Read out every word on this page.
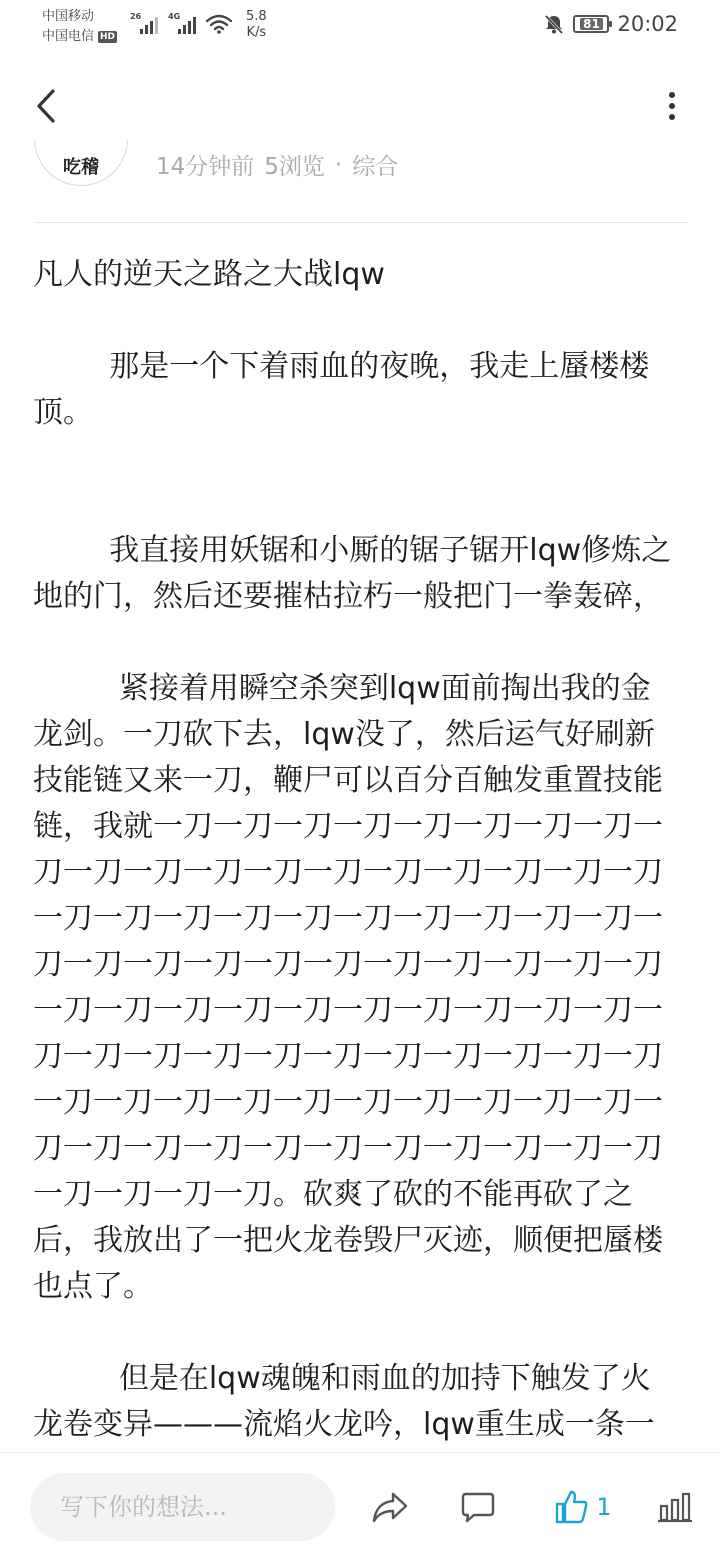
中国移动
中国电信 HD
26	4G	5.8
K/s
81 20:02
吃稽 14分钟前 5浏览 · 综合
凡人的逆天之路之大战lqw
那是一个下着雨血的夜晚，我走上蜃楼楼顶。
我直接用妖锯和小厮的锯子锯开lqw修炼之地的门，然后还要摧枯拉朽一般把门一拳轰碎，
紧接着用瞬空杀突到lqw面前掏出我的金龙剑。一刀砍下去，lqw没了，然后运气好刷新技能链又来一刀，鞭尸可以百分百触发重置技能链，我就一刀一刀一刀一刀一刀一刀一刀一刀一刀一刀一刀一刀一刀一刀一刀一刀一刀一刀一刀一刀一刀一刀一刀一刀一刀一刀一刀一刀一刀一刀一刀一刀一刀一刀一刀一刀一刀一刀一刀一刀一刀一刀一刀一刀一刀一刀一刀一刀一刀一刀一刀一刀一刀一刀一刀一刀一刀一刀一刀一刀一刀一刀一刀一刀一刀一刀一刀一刀一刀一刀一刀一刀一刀一刀一刀一刀一刀一刀一刀一刀一刀一刀一刀一刀一刀一刀。砍爽了砍的不能再砍了之后，我放出了一把火龙卷毁尸灭迹，顺便把蜃楼也点了。
但是在lqw魂魄和雨血的加持下触发了火龙卷变异———流焰火龙吟，lqw重生成一条一
写下你的想法...
1
